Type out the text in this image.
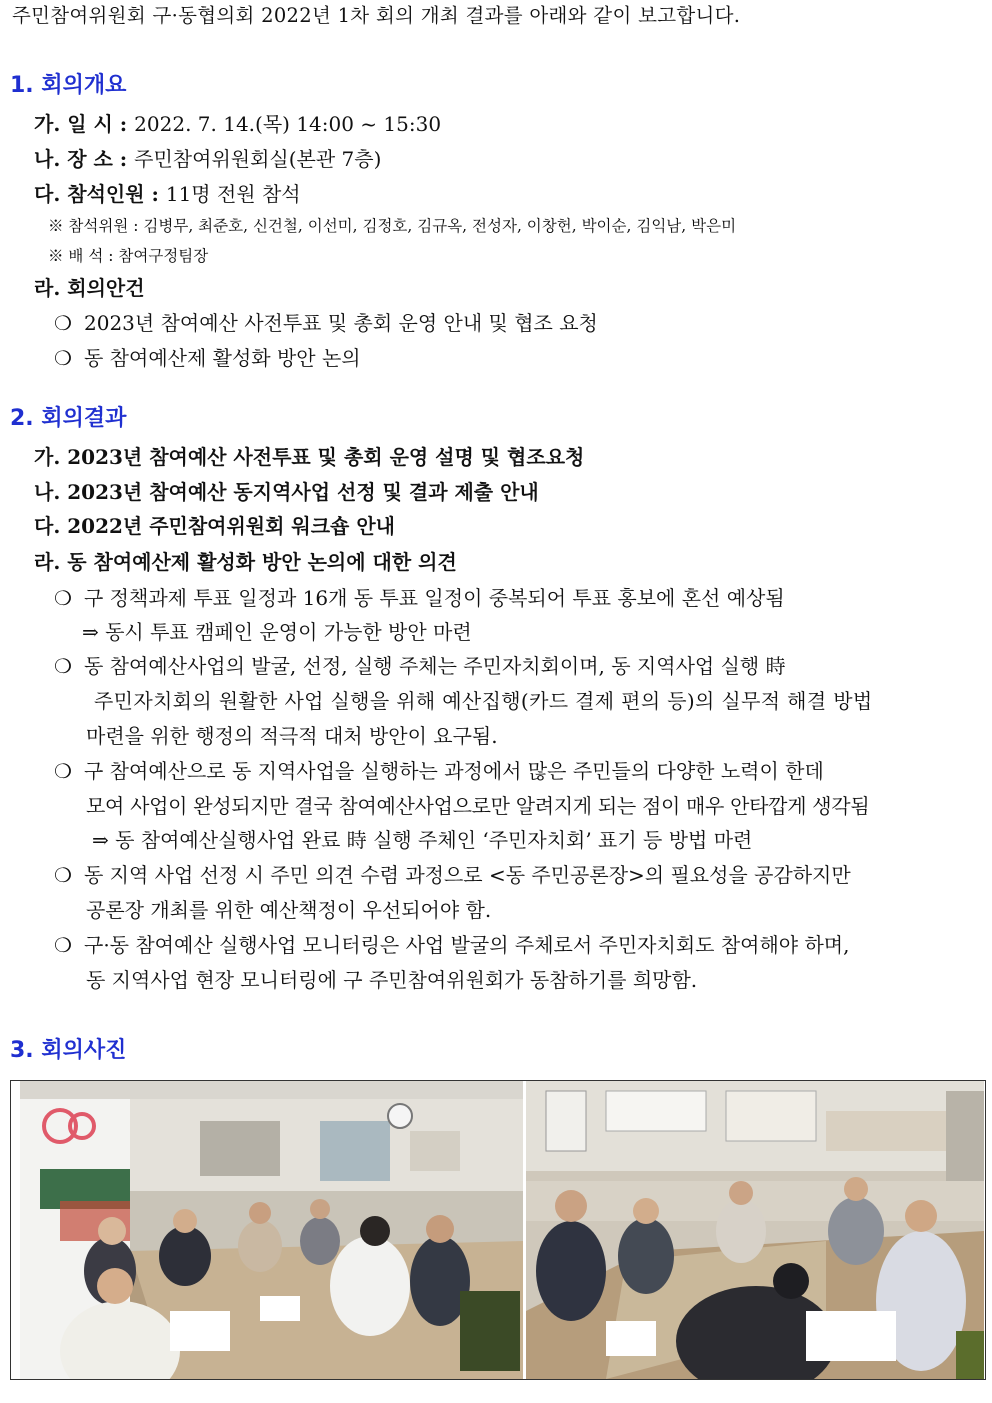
주민참여위원회 구·동협의회 2022년 1차 회의 개최 결과를 아래와 같이 보고합니다.
1. 회의개요
가. 일 시 : 2022. 7. 14.(목) 14:00 ~ 15:30
나. 장 소 : 주민참여위원회실(본관 7층)
다. 참석인원 : 11명 전원 참석
※ 참석위원 : 김병무, 최준호, 신건철, 이선미, 김정호, 김규옥, 전성자, 이창헌, 박이순, 김익남, 박은미
※ 배 석 : 참여구정팀장
라. 회의안건
❍ 2023년 참여예산 사전투표 및 총회 운영 안내 및 협조 요청
❍ 동 참여예산제 활성화 방안 논의
2. 회의결과
가. 2023년 참여예산 사전투표 및 총회 운영 설명 및 협조요청
나. 2023년 참여예산 동지역사업 선정 및 결과 제출 안내
다. 2022년 주민참여위원회 워크숍 안내
라. 동 참여예산제 활성화 방안 논의에 대한 의견
❍ 구 정책과제 투표 일정과 16개 동 투표 일정이 중복되어 투표 홍보에 혼선 예상됨
⇒ 동시 투표 캠페인 운영이 가능한 방안 마련
❍ 동 참여예산사업의 발굴, 선정, 실행 주체는 주민자치회이며, 동 지역사업 실행 時
주민자치회의 원활한 사업 실행을 위해 예산집행(카드 결제 편의 등)의 실무적 해결 방법
마련을 위한 행정의 적극적 대처 방안이 요구됨.
❍ 구 참여예산으로 동 지역사업을 실행하는 과정에서 많은 주민들의 다양한 노력이 한데
모여 사업이 완성되지만 결국 참여예산사업으로만 알려지게 되는 점이 매우 안타깝게 생각됨
⇒ 동 참여예산실행사업 완료 時 실행 주체인 ‘주민자치회’ 표기 등 방법 마련
❍ 동 지역 사업 선정 시 주민 의견 수렴 과정으로 <동 주민공론장>의 필요성을 공감하지만
공론장 개최를 위한 예산책정이 우선되어야 함.
❍ 구·동 참여예산 실행사업 모니터링은 사업 발굴의 주체로서 주민자치회도 참여해야 하며,
동 지역사업 현장 모니터링에 구 주민참여위원회가 동참하기를 희망함.
3. 회의사진
